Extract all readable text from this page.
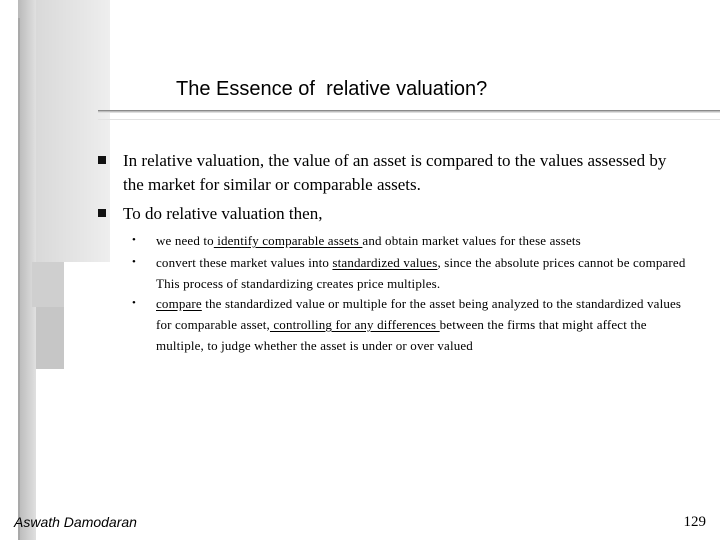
The Essence of  relative valuation?
In relative valuation, the value of an asset is compared to the values assessed by the market for similar or comparable assets.
To do relative valuation then,
• we need to identify comparable assets and obtain market values for these assets
• convert these market values into standardized values, since the absolute prices cannot be compared This process of standardizing creates price multiples.
• compare the standardized value or multiple for the asset being analyzed to the standardized values for comparable asset, controlling for any differences between the firms that might affect the multiple, to judge whether the asset is under or over valued
Aswath Damodaran	129
